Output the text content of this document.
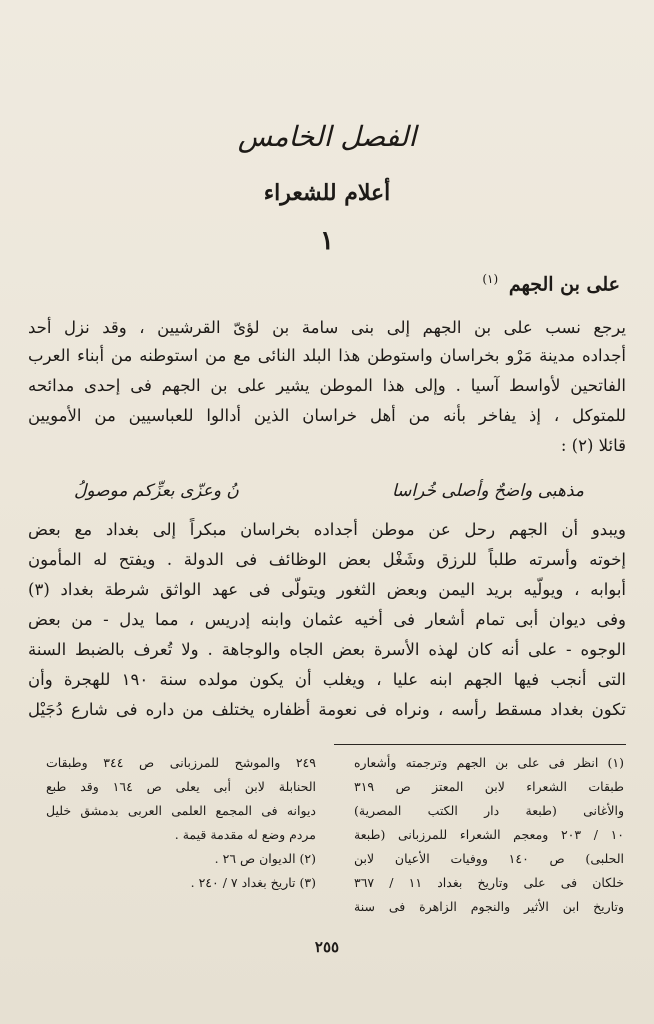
الفصل الخامس
أعلام للشعراء
١
على بن الجهم $^{(١)}$
يرجع نسب على بن الجهم إلى بنى سامة بن لؤىّ القرشيين ، وقد نزل أحد
أجداده مدينة مَرْو بخراسان واستوطن هذا البلد النائى مع من استوطنه من أبناء العرب
الفاتحين لأواسط آسيا . وإلى هذا الموطن يشير على بن الجهم فى إحدى مدائحه
للمتوكل ، إذ يفاخر بأنه من أهل خراسان الذين أدالوا للعباسيين من الأمويين
قائلا (٢) :
مذهبى واضحٌ وأصلى خُراسا
نُ وعزّى بعزِّكم موصولُ
ويبدو أن الجهم رحل عن موطن أجداده بخراسان مبكراً إلى بغداد مع بعض
إخوته وأسرته طلباً للرزق وشَغْل بعض الوظائف فى الدولة . ويفتح له المأمون
أبوابه ، ويولّيه بريد اليمن وبعض الثغور ويتولّى فى عهد الواثق شرطة بغداد (٣)
وفى ديوان أبى تمام أشعار فى أخيه عثمان وابنه إدريس ، مما يدل - من بعض
الوجوه - على أنه كان لهذه الأسرة بعض الجاه والوجاهة . ولا تُعرف بالضبط السنة
التى أنجب فيها الجهم ابنه عليا ، ويغلب أن يكون مولده سنة ١٩٠ للهجرة وأن
تكون بغداد مسقط رأسه ، ونراه فى نعومة أظفاره يختلف من داره فى شارع دُجَيْل
(١) انظر فى على بن الجهم وترجمته وأشعاره
طبقات الشعراء لابن المعتز ص ٣١٩
والأغانى (طبعة دار الكتب المصرية)
١٠ / ٢٠٣ ومعجم الشعراء للمرزبانى (طبعة
الحلبى) ص ١٤٠ ووفيات الأعيان لابن
خلكان فى على وتاريخ بغداد ١١ / ٣٦٧
وتاريخ ابن الأثير والنجوم الزاهرة فى سنة
٢٤٩ والموشح للمرزبانى ص ٣٤٤ وطبقات
الحنابلة لابن أبى يعلى ص ١٦٤ وقد طبع
ديوانه فى المجمع العلمى العربى بدمشق خليل
مردم وضع له مقدمة قيمة .
(٢) الديوان ص ٢٦ .
(٣) تاريخ بغداد ٧ / ٢٤٠ .
٢٥٥
